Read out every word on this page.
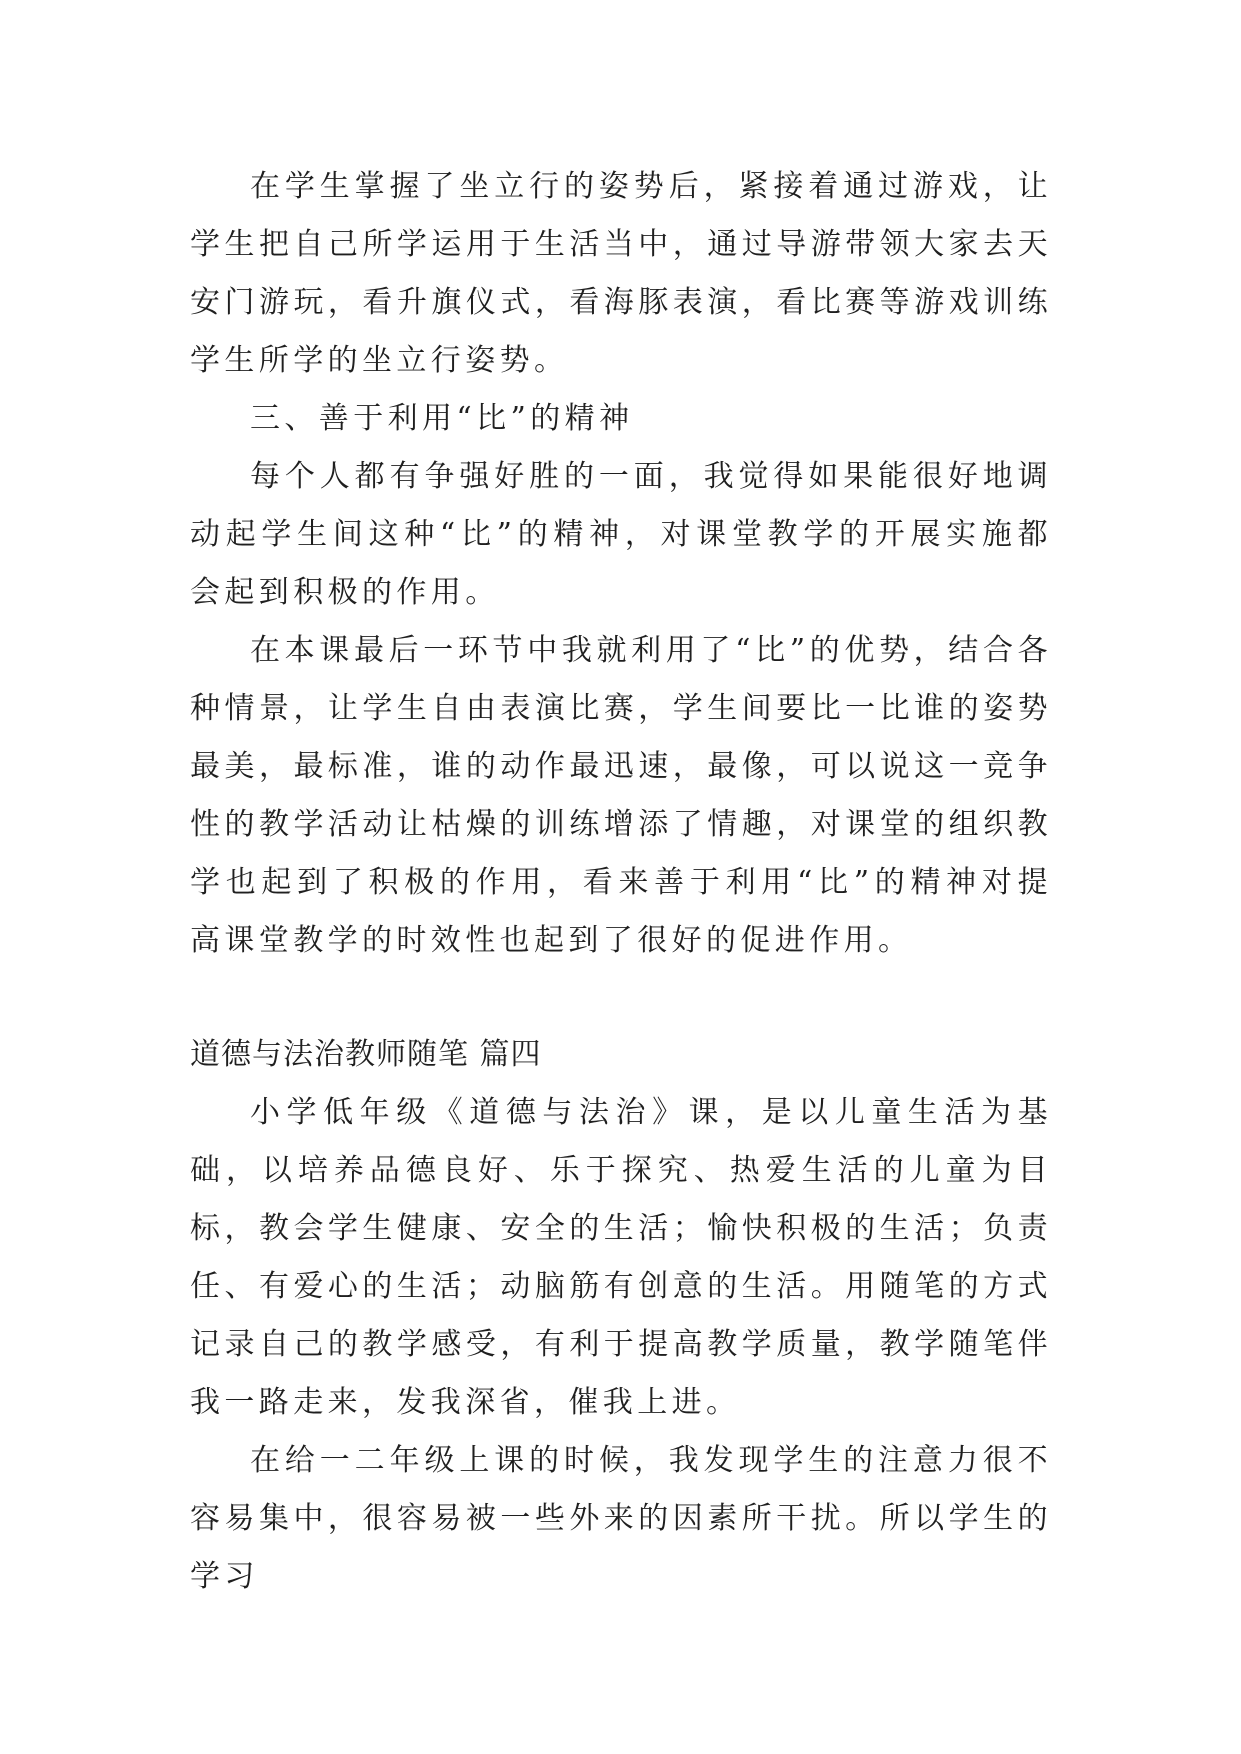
在学生掌握了坐立行的姿势后，紧接着通过游戏，让学生把自己所学运用于生活当中，通过导游带领大家去天安门游玩，看升旗仪式，看海豚表演，看比赛等游戏训练学生所学的坐立行姿势。

三、善于利用“比”的精神

每个人都有争强好胜的一面，我觉得如果能很好地调动起学生间这种“比”的精神，对课堂教学的开展实施都会起到积极的作用。

在本课最后一环节中我就利用了“比”的优势，结合各种情景，让学生自由表演比赛，学生间要比一比谁的姿势最美，最标准，谁的动作最迅速，最像，可以说这一竞争性的教学活动让枯燥的训练增添了情趣，对课堂的组织教学也起到了积极的作用，看来善于利用“比”的精神对提高课堂教学的时效性也起到了很好的促进作用。

道德与法治教师随笔 篇四

小学低年级《道德与法治》课，是以儿童生活为基础，以培养品德良好、乐于探究、热爱生活的儿童为目标，教会学生健康、安全的生活；愉快积极的生活；负责任、有爱心的生活；动脑筋有创意的生活。用随笔的方式记录自己的教学感受，有利于提高教学质量，教学随笔伴我一路走来，发我深省，催我上进。

在给一二年级上课的时候，我发现学生的注意力很不容易集中，很容易被一些外来的因素所干扰。所以学生的学习
